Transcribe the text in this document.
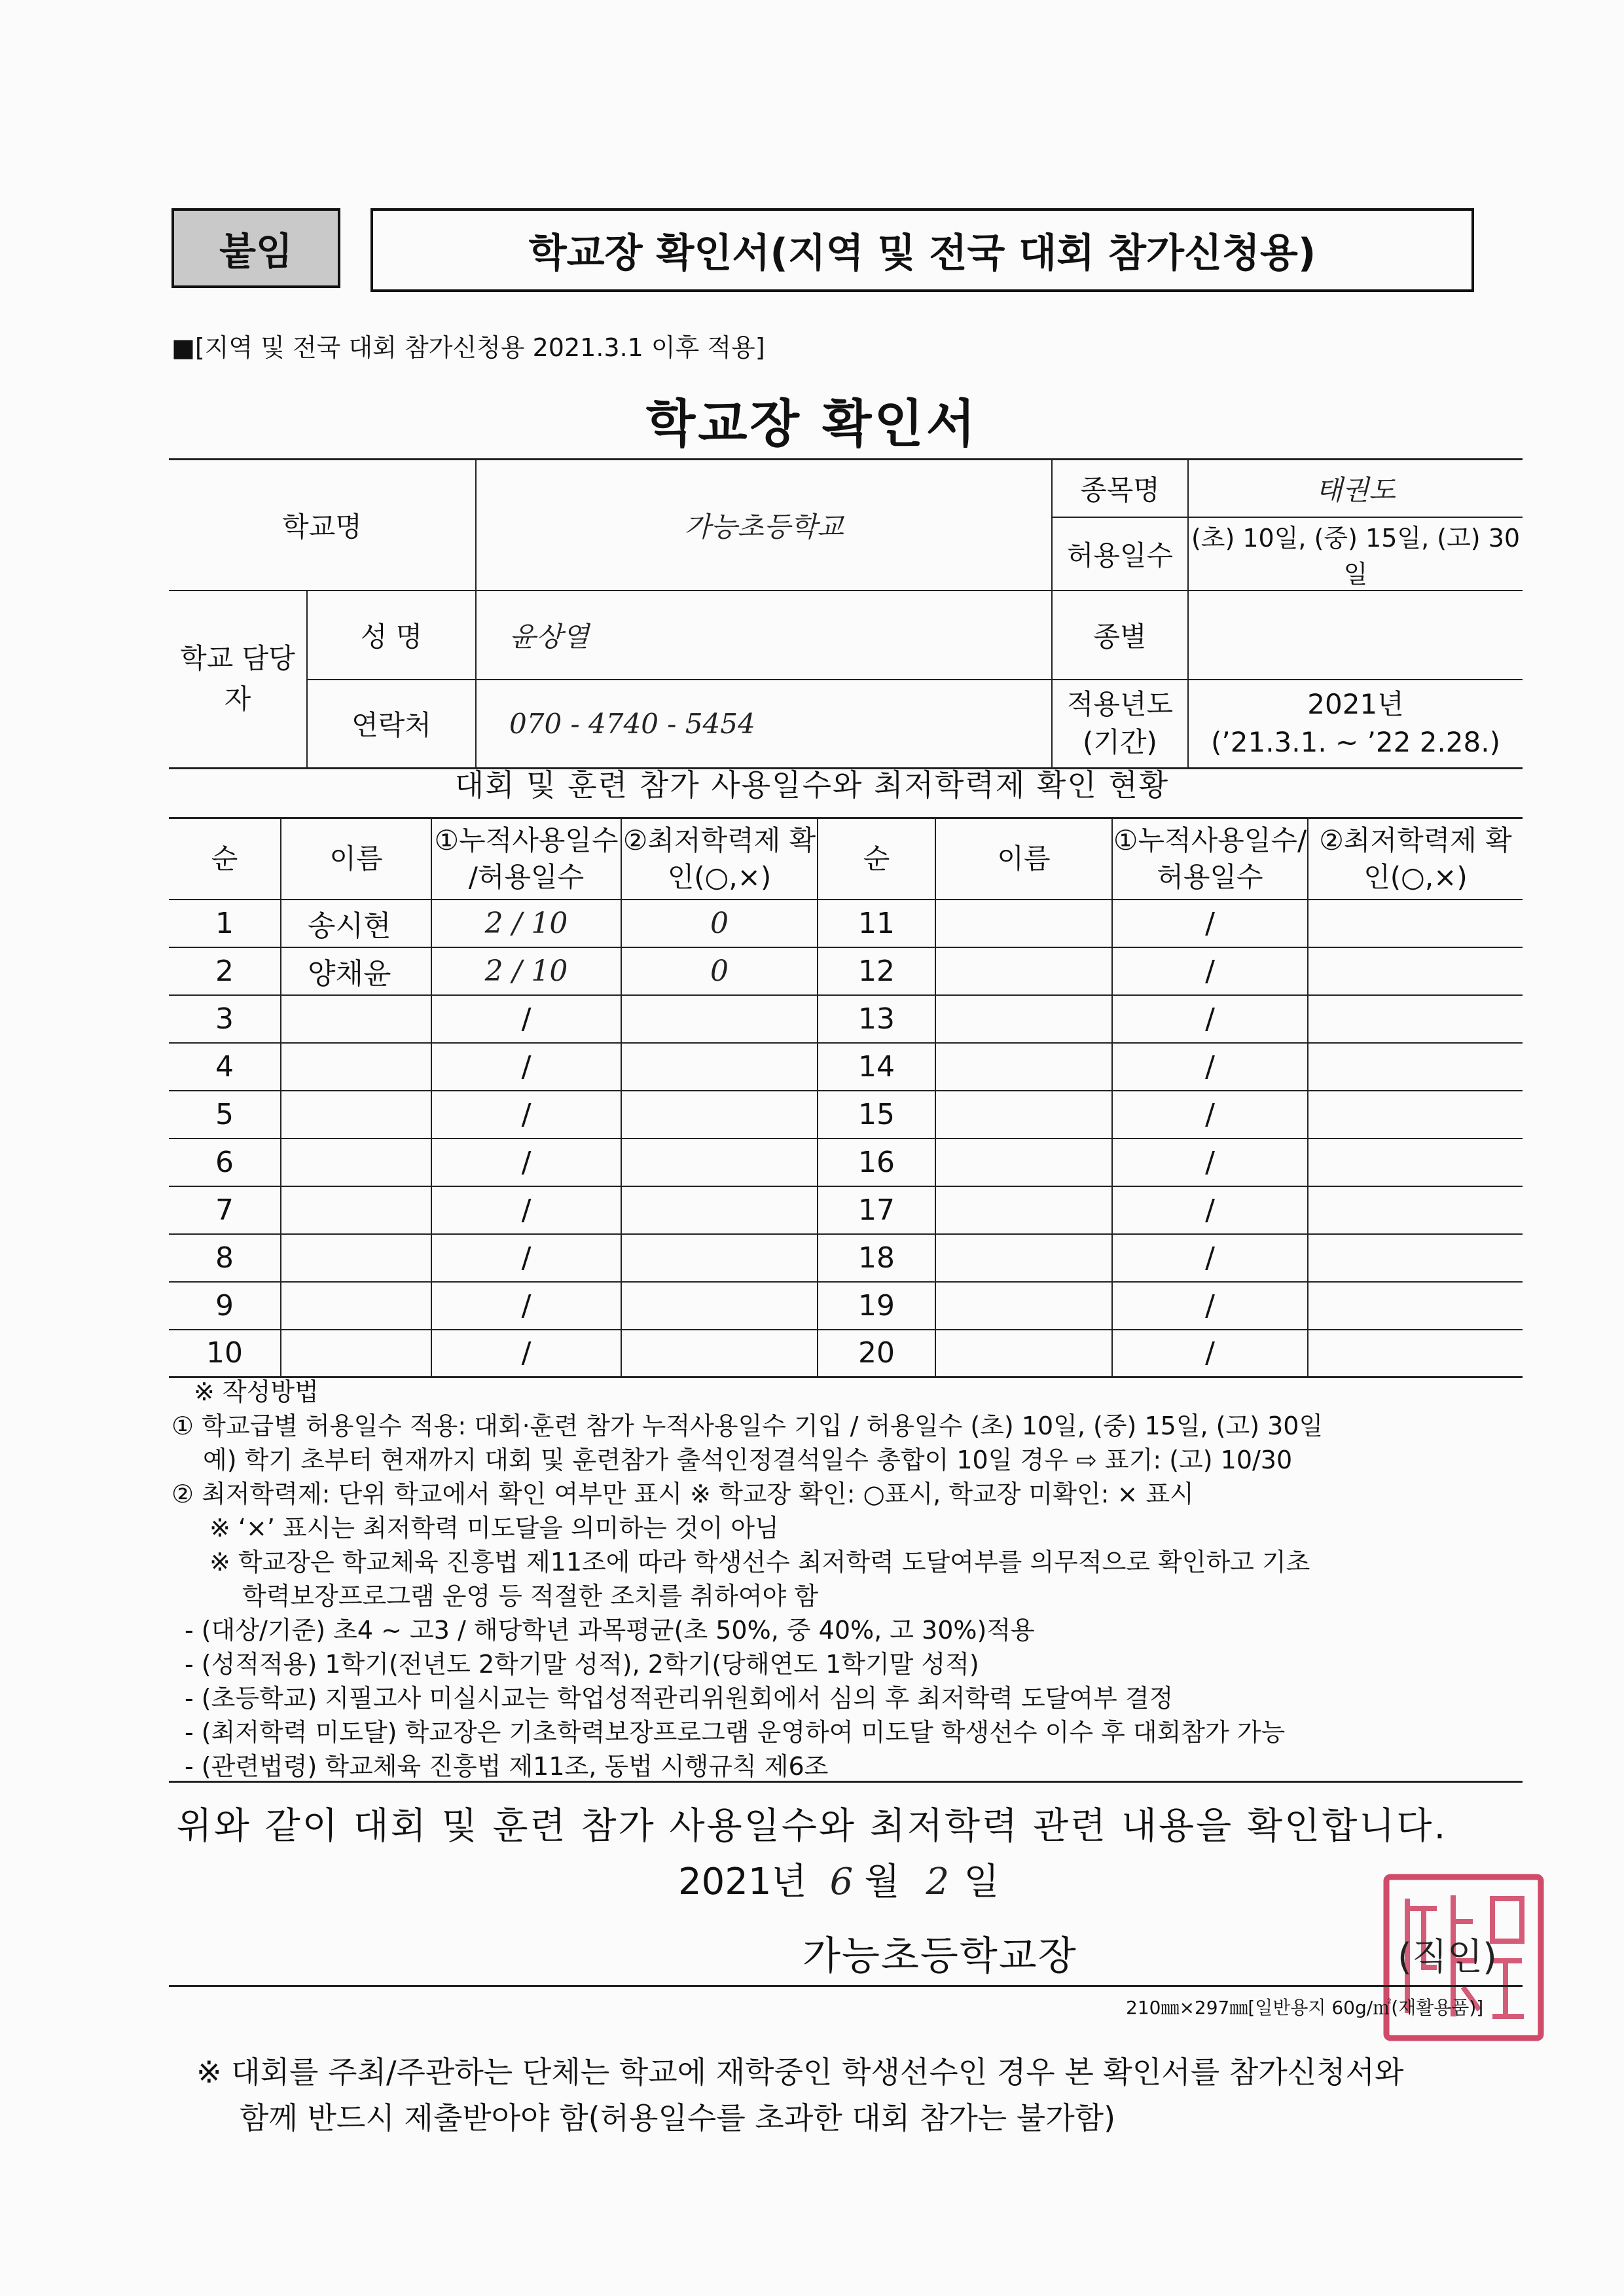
붙임	학교장 확인서(지역 및 전국 대회 참가신청용)
■[지역 및 전국 대회 참가신청용 2021.3.1 이후 적용]
학교장 확인서
학교명		가능초등학교	종목명	태권도
			허용일수	(초) 10일, (중) 15일, (고) 30일
학교 담당자	성 명	윤상열	종별	
	연락처	070 - 4740 - 5454	적용년도 (기간)	2021년
(’21.3.1. ~ ’22 2.28.)
대회 및 훈련 참가 사용일수와 최저학력제 확인 현황
순	이름	①누적사용일수 /허용일수	②최저학력제 확인(○,×)	순	이름	①누적사용일수/ 허용일수	②최저학력제 확인(○,×)
1	송시현	2 / 10	0	11		/	
2	양채윤	2 / 10	0	12		/	
3		/		13		/	
4		/		14		/	
5		/		15		/	
6		/		16		/	
7		/		17		/	
8		/		18		/	
9		/		19		/	
10		/		20		/	
※ 작성방법
① 학교급별 허용일수 적용: 대회·훈련 참가 누적사용일수 기입 / 허용일수 (초) 10일, (중) 15일, (고) 30일
예) 학기 초부터 현재까지 대회 및 훈련참가 출석인정결석일수 총합이 10일 경우 ⇨ 표기: (고) 10/30
② 최저학력제: 단위 학교에서 확인 여부만 표시 ※ 학교장 확인: ○표시, 학교장 미확인: × 표시
※ ‘×’ 표시는 최저학력 미도달을 의미하는 것이 아님
※ 학교장은 학교체육 진흥법 제11조에 따라 학생선수 최저학력 도달여부를 의무적으로 확인하고 기초
학력보장프로그램 운영 등 적절한 조치를 취하여야 함
- (대상/기준) 초4 ~ 고3 / 해당학년 과목평균(초 50%, 중 40%, 고 30%)적용
- (성적적용) 1학기(전년도 2학기말 성적), 2학기(당해연도 1학기말 성적)
- (초등학교) 지필고사 미실시교는 학업성적관리위원회에서 심의 후 최저학력 도달여부 결정
- (최저학력 미도달) 학교장은 기초학력보장프로그램 운영하여 미도달 학생선수 이수 후 대회참가 가능
- (관련법령) 학교체육 진흥법 제11조, 동법 시행규칙 제6조
위와 같이 대회 및 훈련 참가 사용일수와 최저학력 관련 내용을 확인합니다.
2021년 6 월 2 일
가능초등학교장	(직인)
210㎜×297㎜[일반용지 60g/㎡(재활용품)]
※ 대회를 주최/주관하는 단체는 학교에 재학중인 학생선수인 경우 본 확인서를 참가신청서와
함께 반드시 제출받아야 함(허용일수를 초과한 대회 참가는 불가함)
